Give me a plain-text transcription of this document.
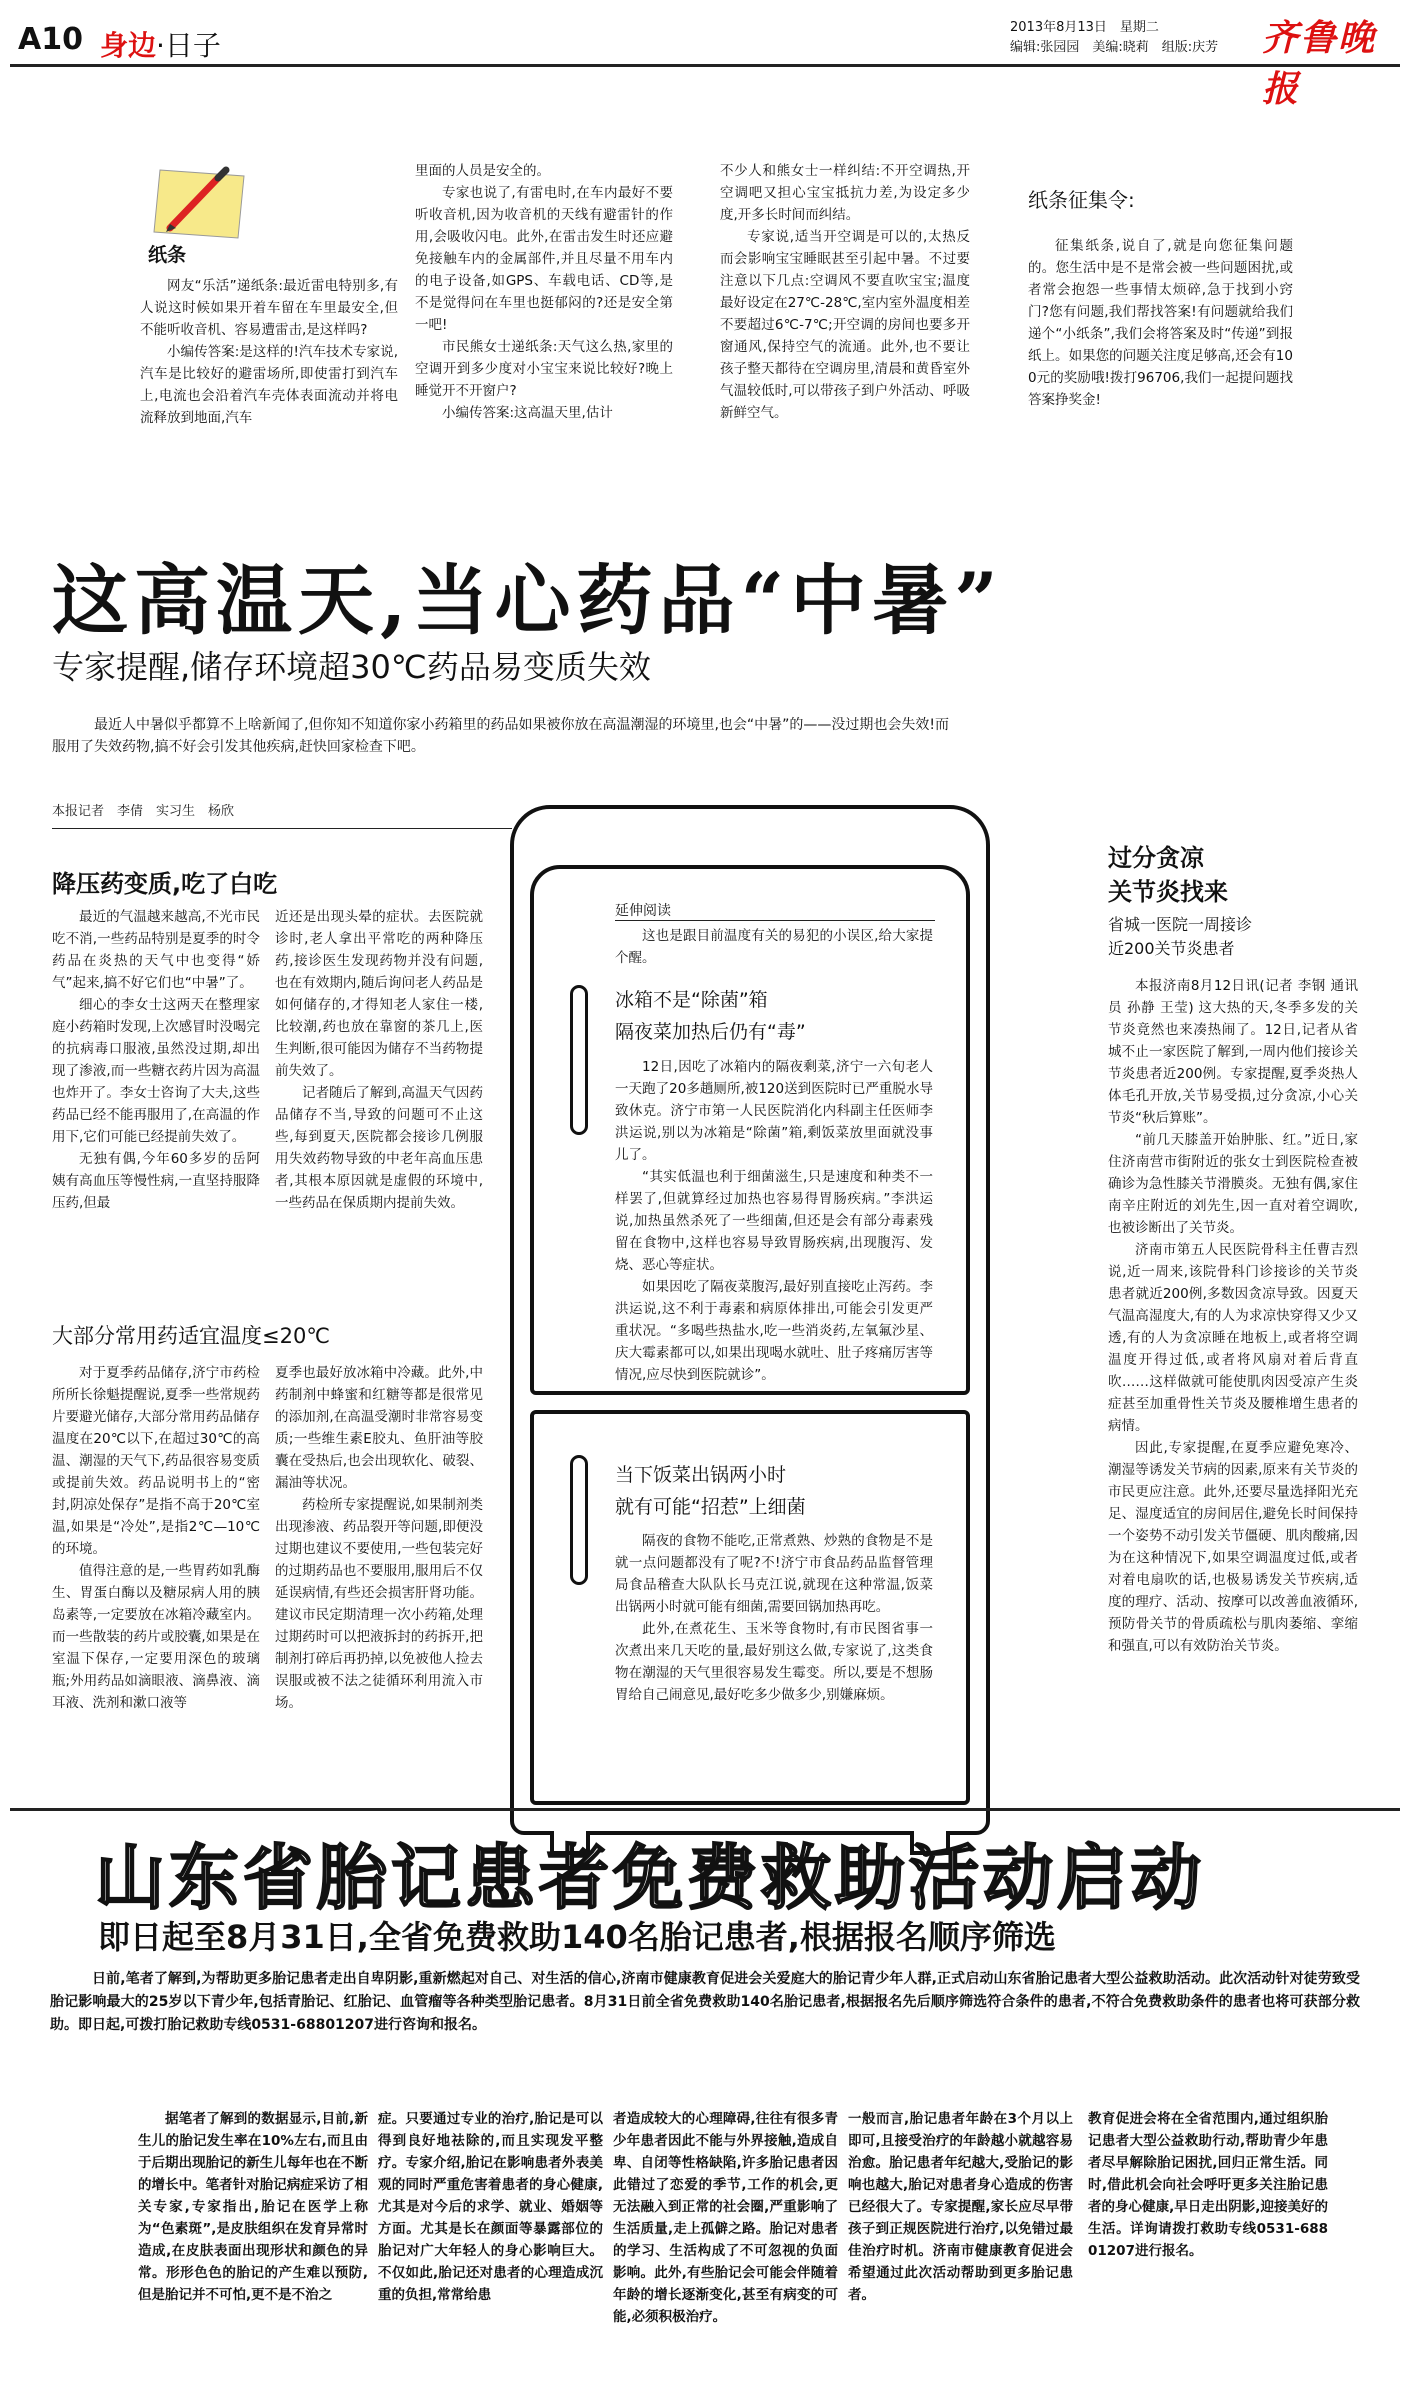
A10 身边·日子
2013年8月13日　星期二
编辑:张园园　美编:晓莉　组版:庆芳 齐鲁晚报
纸条

网友“乐活”递纸条:最近雷电特别多,有人说这时候如果开着车留在车里最安全,但不能听收音机、容易遭雷击,是这样吗?

小编传答案:是这样的!汽车技术专家说,汽车是比较好的避雷场所,即使雷打到汽车上,电流也会沿着汽车壳体表面流动并将电流释放到地面,汽车

里面的人员是安全的。

专家也说了,有雷电时,在车内最好不要听收音机,因为收音机的天线有避雷针的作用,会吸收闪电。此外,在雷击发生时还应避免接触车内的金属部件,并且尽量不用车内的电子设备,如GPS、车载电话、CD等,是不是觉得问在车里也挺郁闷的?还是安全第一吧!

市民熊女士递纸条:天气这么热,家里的空调开到多少度对小宝宝来说比较好?晚上睡觉开不开窗户?

小编传答案:这高温天里,估计

不少人和熊女士一样纠结:不开空调热,开空调吧又担心宝宝抵抗力差,为设定多少度,开多长时间而纠结。

专家说,适当开空调是可以的,太热反而会影响宝宝睡眠甚至引起中暑。不过要注意以下几点:空调风不要直吹宝宝;温度最好设定在27℃-28℃,室内室外温度相差不要超过6℃-7℃;开空调的房间也要多开窗通风,保持空气的流通。此外,也不要让孩子整天都待在空调房里,清晨和黄昏室外气温较低时,可以带孩子到户外活动、呼吸新鲜空气。

纸条征集令:

征集纸条,说自了,就是向您征集问题的。您生活中是不是常会被一些问题困扰,或者常会抱怨一些事情太烦碎,急于找到小窍门?您有问题,我们帮找答案!有问题就给我们递个“小纸条”,我们会将答案及时“传递”到报纸上。如果您的问题关注度足够高,还会有100元的奖励哦!拨打96706,我们一起提问题找答案挣奖金!

这高温天,当心药品“中暑”
专家提醒,储存环境超30℃药品易变质失效
最近人中暑似乎都算不上啥新闻了,但你知不知道你家小药箱里的药品如果被你放在高温潮湿的环境里,也会“中暑”的——没过期也会失效!而服用了失效药物,搞不好会引发其他疾病,赶快回家检查下吧。
本报记者　李倩　实习生　杨欣
降压药变质,吃了白吃

最近的气温越来越高,不光市民吃不消,一些药品特别是夏季的时令药品在炎热的天气中也变得“娇气”起来,搞不好它们也“中暑”了。

细心的李女士这两天在整理家庭小药箱时发现,上次感冒时没喝完的抗病毒口服液,虽然没过期,却出现了渗液,而一些糖衣药片因为高温也炸开了。李女士咨询了大夫,这些药品已经不能再服用了,在高温的作用下,它们可能已经提前失效了。

无独有偶,今年60多岁的岳阿姨有高血压等慢性病,一直坚持服降压药,但最

近还是出现头晕的症状。去医院就诊时,老人拿出平常吃的两种降压药,接诊医生发现药物并没有问题,也在有效期内,随后询问老人药品是如何储存的,才得知老人家住一楼,比较潮,药也放在靠窗的茶几上,医生判断,很可能因为储存不当药物提前失效了。

记者随后了解到,高温天气因药品储存不当,导致的问题可不止这些,每到夏天,医院都会接诊几例服用失效药物导致的中老年高血压患者,其根本原因就是虚假的环境中,一些药品在保质期内提前失效。

大部分常用药适宜温度≤20℃

对于夏季药品储存,济宁市药检所所长徐魁提醒说,夏季一些常规药片要避光储存,大部分常用药品储存温度在20℃以下,在超过30℃的高温、潮湿的天气下,药品很容易变质或提前失效。药品说明书上的“密封,阴凉处保存”是指不高于20℃室温,如果是“冷处”,是指2℃—10℃的环境。

值得注意的是,一些胃药如乳酶生、胃蛋白酶以及糖尿病人用的胰岛素等,一定要放在冰箱冷藏室内。而一些散装的药片或胶囊,如果是在室温下保存,一定要用深色的玻璃瓶;外用药品如滴眼液、滴鼻液、滴耳液、洗剂和漱口液等

夏季也最好放冰箱中冷藏。此外,中药制剂中蜂蜜和红糖等都是很常见的添加剂,在高温受潮时非常容易变质;一些维生素E胶丸、鱼肝油等胶囊在受热后,也会出现软化、破裂、漏油等状况。

药检所专家提醒说,如果制剂类出现渗液、药品裂开等问题,即便没过期也建议不要使用,一些包装完好的过期药品也不要服用,服用后不仅延误病情,有些还会损害肝肾功能。建议市民定期清理一次小药箱,处理过期药时可以把液拆封的药拆开,把制剂打碎后再扔掉,以免被他人捡去误服或被不法之徒循环利用流入市场。

延伸阅读

这也是跟目前温度有关的易犯的小误区,给大家提个醒。

冰箱不是“除菌”箱
隔夜菜加热后仍有“毒”

12日,因吃了冰箱内的隔夜剩菜,济宁一六旬老人一天跑了20多趟厕所,被120送到医院时已严重脱水导致休克。济宁市第一人民医院消化内科副主任医师李洪运说,别以为冰箱是“除菌”箱,剩饭菜放里面就没事儿了。

“其实低温也利于细菌滋生,只是速度和种类不一样罢了,但就算经过加热也容易得胃肠疾病。”李洪运说,加热虽然杀死了一些细菌,但还是会有部分毒素残留在食物中,这样也容易导致胃肠疾病,出现腹泻、发烧、恶心等症状。

如果因吃了隔夜菜腹泻,最好别直接吃止泻药。李洪运说,这不利于毒素和病原体排出,可能会引发更严重状况。“多喝些热盐水,吃一些消炎药,左氧氟沙星、庆大霉素都可以,如果出现喝水就吐、肚子疼痛厉害等情况,应尽快到医院就诊”。

当下饭菜出锅两小时
就有可能“招惹”上细菌

隔夜的食物不能吃,正常煮熟、炒熟的食物是不是就一点问题都没有了呢?不!济宁市食品药品监督管理局食品稽查大队队长马克江说,就现在这种常温,饭菜出锅两小时就可能有细菌,需要回锅加热再吃。

此外,在煮花生、玉米等食物时,有市民图省事一次煮出来几天吃的量,最好别这么做,专家说了,这类食物在潮湿的天气里很容易发生霉变。所以,要是不想肠胃给自己闹意见,最好吃多少做多少,别嫌麻烦。

过分贪凉
关节炎找来
省城一医院一周接诊
近200关节炎患者

本报济南8月12日讯(记者 李钢 通讯员 孙静 王莹) 这大热的天,冬季多发的关节炎竟然也来凑热闹了。12日,记者从省城不止一家医院了解到,一周内他们接诊关节炎患者近200例。专家提醒,夏季炎热人体毛孔开放,关节易受损,过分贪凉,小心关节炎“秋后算账”。

“前几天膝盖开始肿胀、红。”近日,家住济南营市街附近的张女士到医院检查被确诊为急性膝关节滑膜炎。无独有偶,家住南辛庄附近的刘先生,因一直对着空调吹,也被诊断出了关节炎。

济南市第五人民医院骨科主任曹吉烈说,近一周来,该院骨科门诊接诊的关节炎患者就近200例,多数因贪凉导致。因夏天气温高湿度大,有的人为求凉快穿得又少又透,有的人为贪凉睡在地板上,或者将空调温度开得过低,或者将风扇对着后背直吹……这样做就可能使肌肉因受凉产生炎症甚至加重骨性关节炎及腰椎增生患者的病情。

因此,专家提醒,在夏季应避免寒冷、潮湿等诱发关节病的因素,原来有关节炎的市民更应注意。此外,还要尽量选择阳光充足、湿度适宜的房间居住,避免长时间保持一个姿势不动引发关节僵硬、肌肉酸痛,因为在这种情况下,如果空调温度过低,或者对着电扇吹的话,也极易诱发关节疾病,适度的理疗、活动、按摩可以改善血液循环,预防骨关节的骨质疏松与肌肉萎缩、挛缩和强直,可以有效防治关节炎。

山东省胎记患者免费救助活动启动
即日起至8月31日,全省免费救助140名胎记患者,根据报名顺序筛选
日前,笔者了解到,为帮助更多胎记患者走出自卑阴影,重新燃起对自己、对生活的信心,济南市健康教育促进会关爱庭大的胎记青少年人群,正式启动山东省胎记患者大型公益救助活动。此次活动针对徒劳致受胎记影响最大的25岁以下青少年,包括青胎记、红胎记、血管瘤等各种类型胎记患者。8月31日前全省免费救助140名胎记患者,根据报名先后顺序筛选符合条件的患者,不符合免费救助条件的患者也将可获部分救助。即日起,可拨打胎记救助专线0531-68801207进行咨询和报名。

据笔者了解到的数据显示,目前,新生儿的胎记发生率在10%左右,而且由于后期出现胎记的新生儿每年也在不断的增长中。笔者针对胎记病症采访了相关专家,专家指出,胎记在医学上称为“色素斑”,是皮肤组织在发育异常时造成,在皮肤表面出现形状和颜色的异常。形形色色的胎记的产生难以预防,但是胎记并不可怕,更不是不治之

症。只要通过专业的治疗,胎记是可以得到良好地祛除的,而且实现发平整疗。专家介绍,胎记在影响患者外表美观的同时严重危害着患者的身心健康,尤其是对今后的求学、就业、婚姻等方面。尤其是长在颜面等暴露部位的胎记对广大年轻人的身心影响巨大。不仅如此,胎记还对患者的心理造成沉重的负担,常常给患

者造成较大的心理障碍,往往有很多青少年患者因此不能与外界接触,造成自卑、自闭等性格缺陷,许多胎记患者因此错过了恋爱的季节,工作的机会,更无法融入到正常的社会圈,严重影响了生活质量,走上孤僻之路。胎记对患者的学习、生活构成了不可忽视的负面影响。此外,有些胎记会可能会伴随着年龄的增长逐渐变化,甚至有病变的可能,必须积极治疗。

一般而言,胎记患者年龄在3个月以上即可,且接受治疗的年龄越小就越容易治愈。胎记患者年纪越大,受胎记的影响也越大,胎记对患者身心造成的伤害已经很大了。专家提醒,家长应尽早带孩子到正规医院进行治疗,以免错过最佳治疗时机。济南市健康教育促进会希望通过此次活动帮助到更多胎记患者。

教育促进会将在全省范围内,通过组织胎记患者大型公益救助行动,帮助青少年患者尽早解除胎记困扰,回归正常生活。同时,借此机会向社会呼吁更多关注胎记患者的身心健康,早日走出阴影,迎接美好的生活。详询请拨打救助专线0531-68801207进行报名。
